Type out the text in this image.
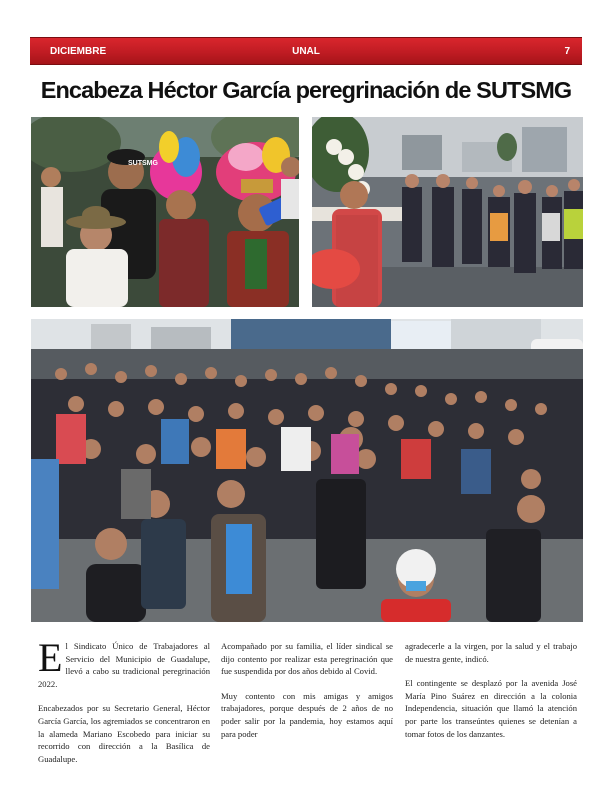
DICIEMBRE	UNAL	7
Encabeza Héctor García peregrinación de SUTSMG
SUTSMG

El Sindicato Único de Trabajadores al Servicio del Municipio de Guadalupe, llevó a cabo su tradicional peregrinación 2022.

Encabezados por su Secretario General, Héctor García García, los agremiados se concentraron en la alameda Mariano Escobedo para iniciar su recorrido con dirección a la Basílica de Guadalupe.

Acompañado por su familia, el líder sindical se dijo contento por realizar esta peregrinación que fue suspendida por dos años debido al Covid.

Muy contento con mis amigas y amigos trabajadores, porque después de 2 años de no poder salir por la pandemia, hoy estamos aquí para poder

agradecerle a la virgen, por la salud y el trabajo de nuestra gente, indicó.

El contingente se desplazó por la avenida José María Pino Suárez en dirección a la colonia Independencia, situación que llamó la atención por parte los transeúntes quienes se detenían a tomar fotos de los danzantes.
